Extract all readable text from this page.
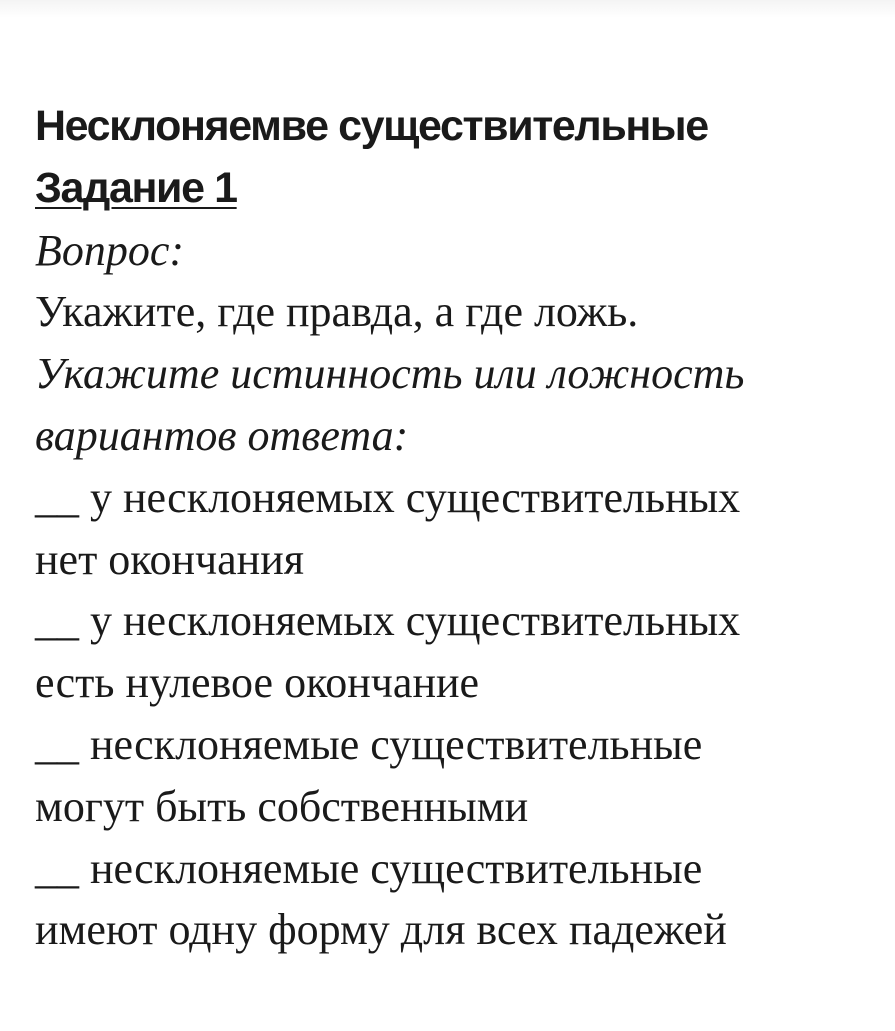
Несклоняемве существительные

Задание 1

Вопрос:

Укажите, где правда, а где ложь.

Укажите истинность или ложность

вариантов ответа:

__ у несклоняемых существительных

нет окончания

__ у несклоняемых существительных

есть нулевое окончание

__ несклоняемые существительные

могут быть собственными

__ несклоняемые существительные

имеют одну форму для всех падежей
